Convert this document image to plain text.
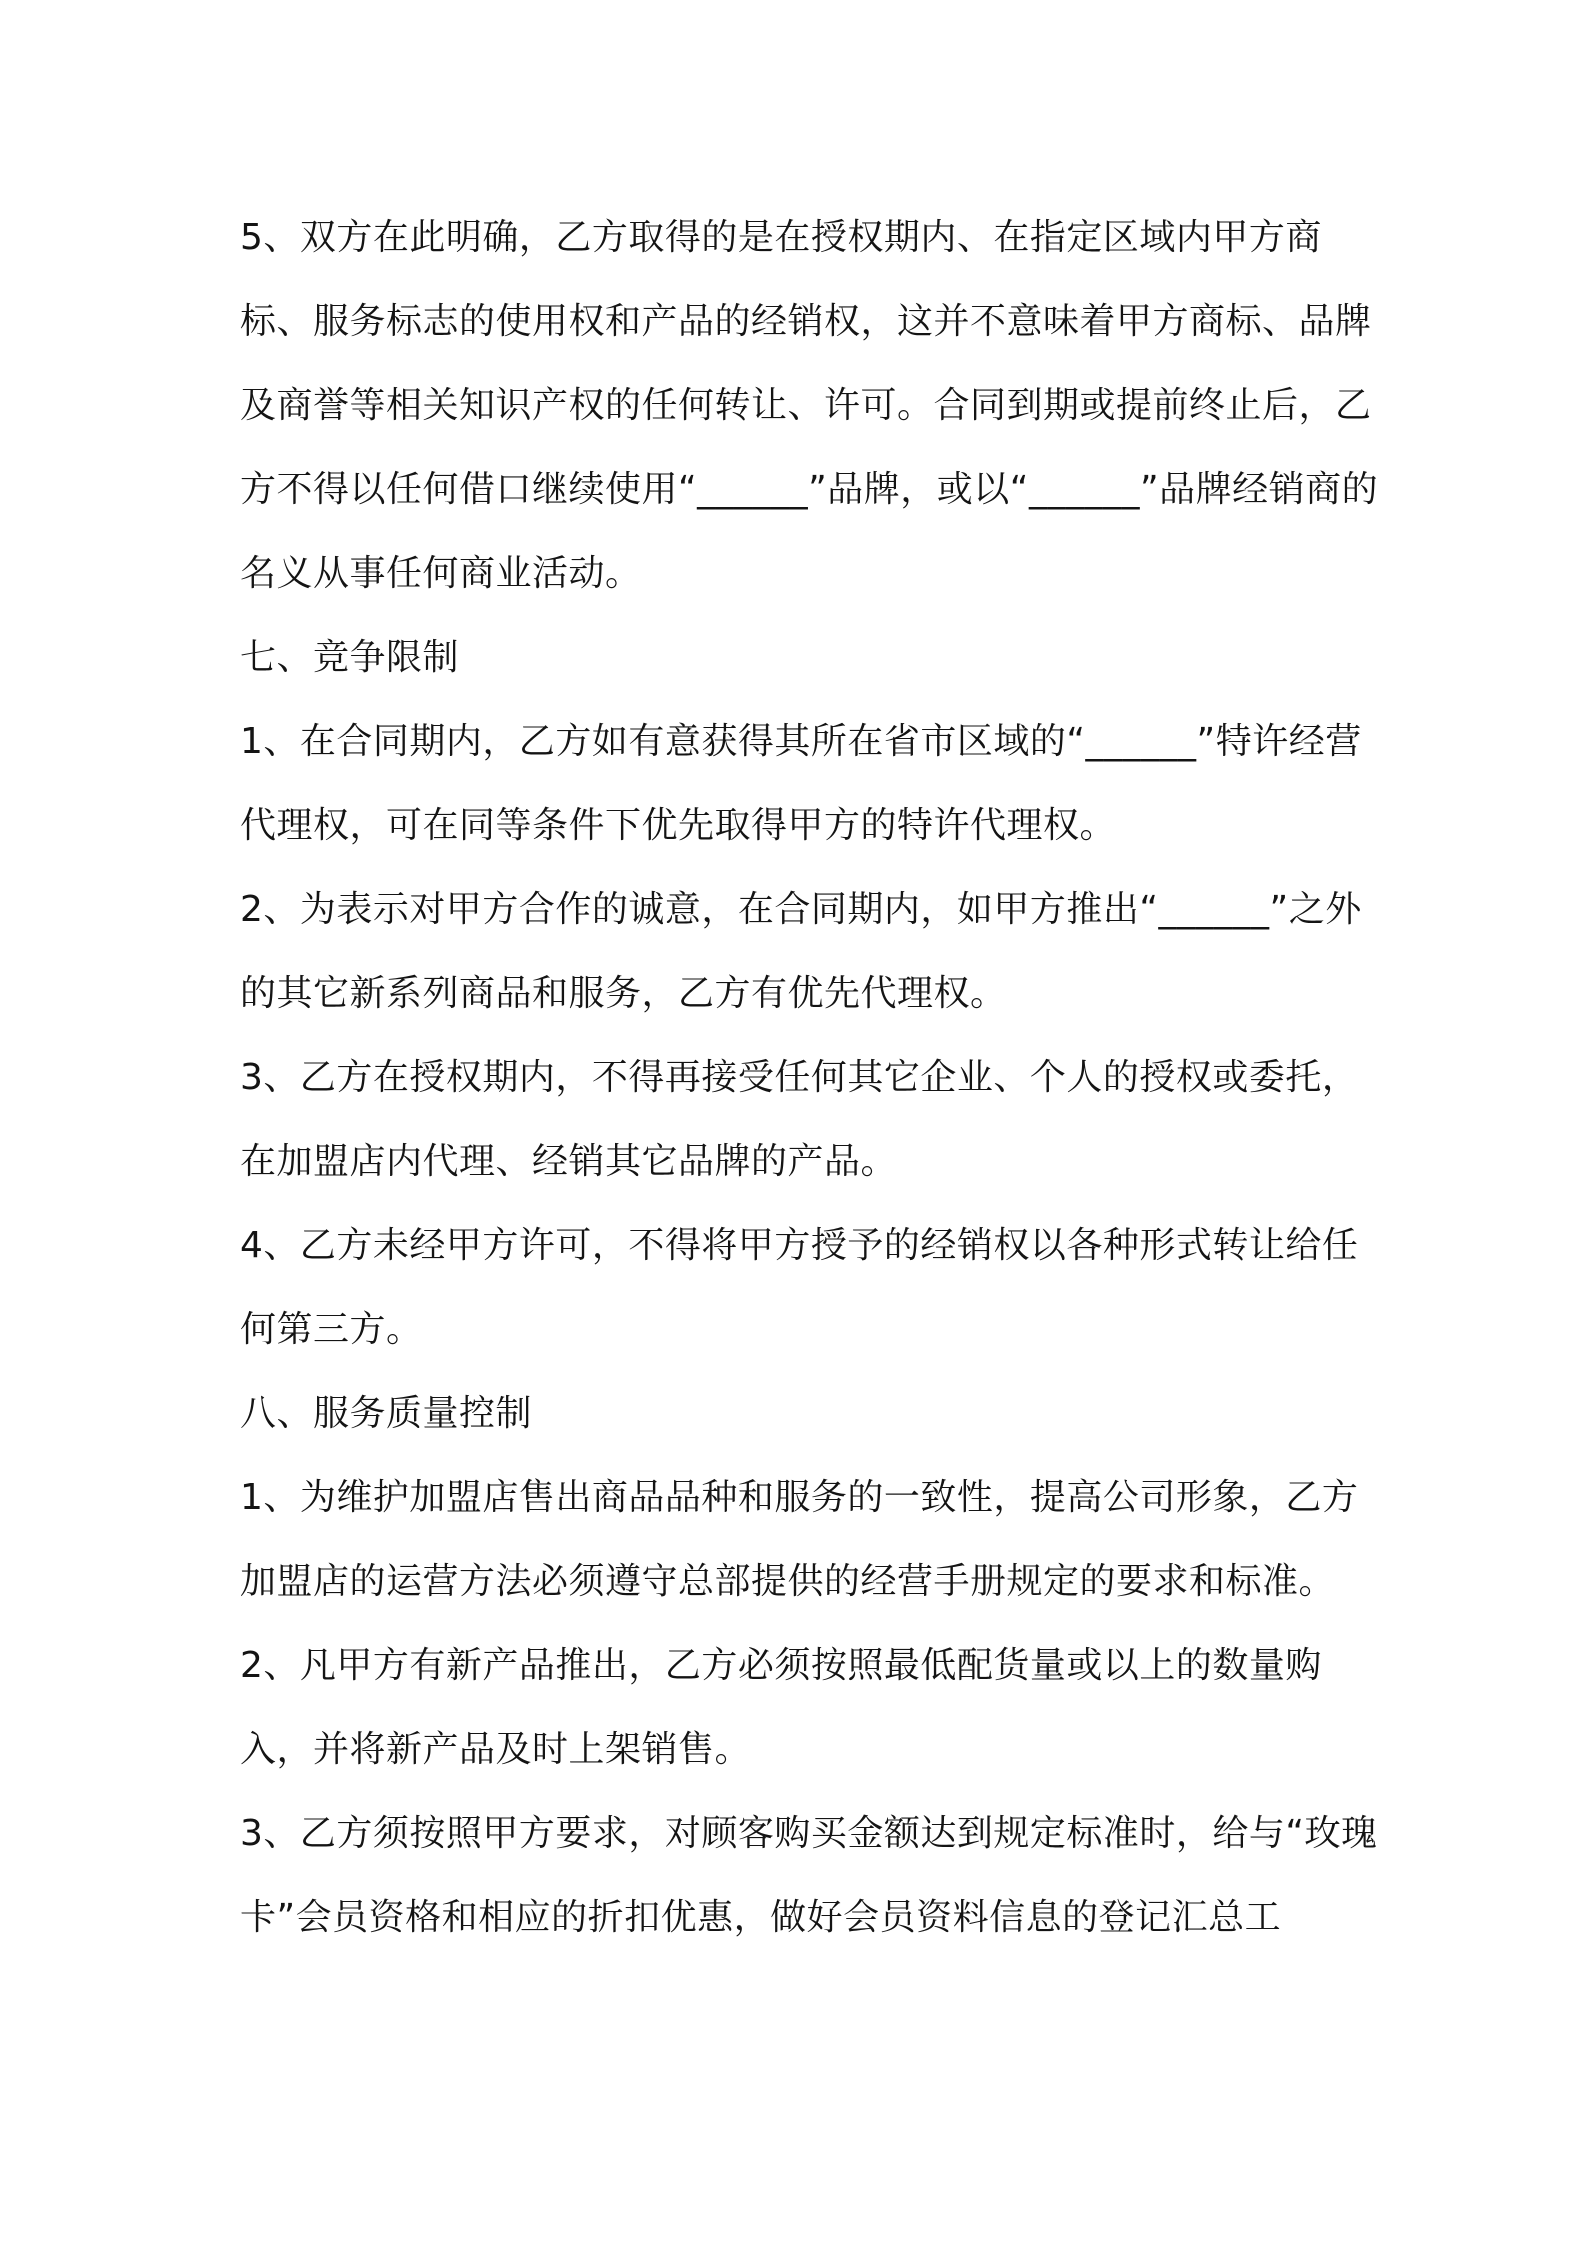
5、双方在此明确，乙方取得的是在授权期内、在指定区域内甲方商标、服务标志的使用权和产品的经销权，这并不意味着甲方商标、品牌及商誉等相关知识产权的任何转让、许可。合同到期或提前终止后，乙方不得以任何借口继续使用“______”品牌，或以“______”品牌经销商的名义从事任何商业活动。

七、竞争限制

1、在合同期内，乙方如有意获得其所在省市区域的“______”特许经营代理权，可在同等条件下优先取得甲方的特许代理权。

2、为表示对甲方合作的诚意，在合同期内，如甲方推出“______”之外的其它新系列商品和服务，乙方有优先代理权。

3、乙方在授权期内，不得再接受任何其它企业、个人的授权或委托，在加盟店内代理、经销其它品牌的产品。

4、乙方未经甲方许可，不得将甲方授予的经销权以各种形式转让给任何第三方。

八、服务质量控制

1、为维护加盟店售出商品品种和服务的一致性，提高公司形象，乙方加盟店的运营方法必须遵守总部提供的经营手册规定的要求和标准。

2、凡甲方有新产品推出，乙方必须按照最低配货量或以上的数量购入，并将新产品及时上架销售。

3、乙方须按照甲方要求，对顾客购买金额达到规定标准时，给与“玫瑰卡”会员资格和相应的折扣优惠，做好会员资料信息的登记汇总工
